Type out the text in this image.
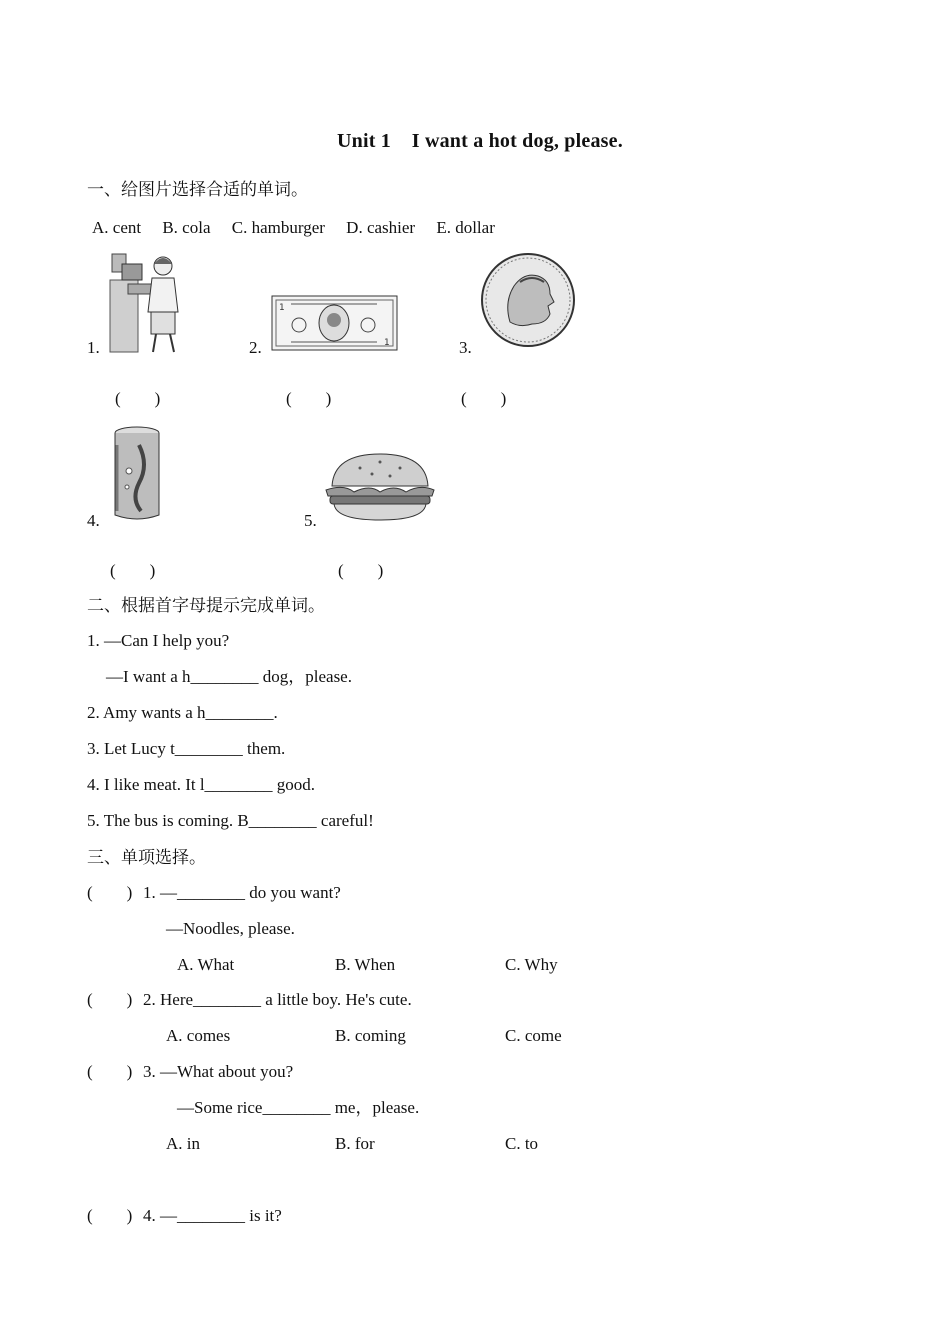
Unit 1    I want a hot dog, please.
一、给图片选择合适的单词。
A. cent     B. cola     C. hamburger     D. cashier     E. dollar
1.
(        )
2.
1
1
(        )
3.
(        )
4.
(        )
5.
(        )
二、根据首字母提示完成单词。
1. —Can I help you?
—I want a h________ dog，please.
2. Amy wants a h________.
3. Let Lucy t________ them.
4. I like meat. It l________ good.
5. The bus is coming. B________ careful!
三、单项选择。
(        ) 1. —________ do you want?
—Noodles, please.
A. What	B. When	C. Why
(        ) 2. Here________ a little boy. He's cute.
A. comes	B. coming	C. come
(        ) 3. —What about you?
—Some rice________ me，please.
A. in	B. for	C. to
(        ) 4. —________ is it?
